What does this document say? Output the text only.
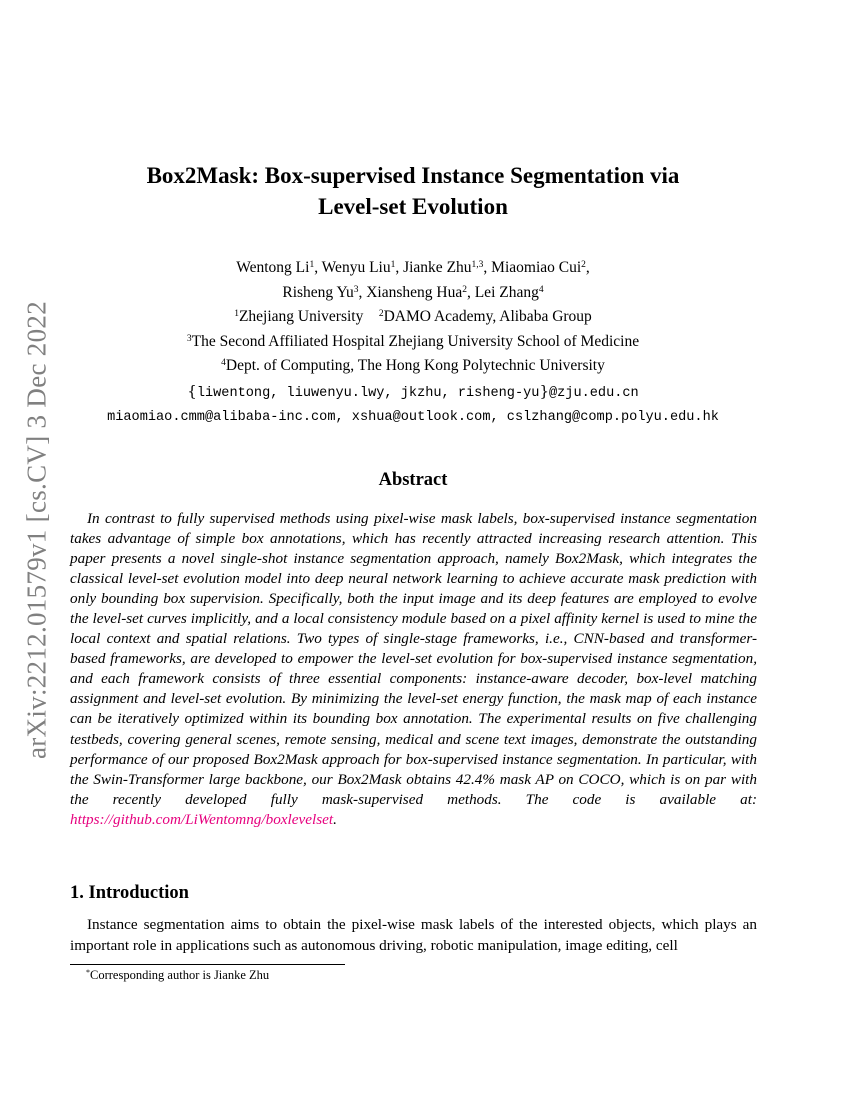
arXiv:2212.01579v1 [cs.CV] 3 Dec 2022
Box2Mask: Box-supervised Instance Segmentation via
Level-set Evolution
Wentong Li$^1$, Wenyu Liu$^1$, Jianke Zhu$^{1,3}$, Miaomiao Cui$^2$,
Risheng Yu$^3$, Xiansheng Hua$^2$, Lei Zhang$^4$
$^1$Zhejiang University $^2$DAMO Academy, Alibaba Group
$^3$The Second Affiliated Hospital Zhejiang University School of Medicine
$^4$Dept. of Computing, The Hong Kong Polytechnic University
{liwentong, liuwenyu.lwy, jkzhu, risheng-yu}@zju.edu.cn
miaomiao.cmm@alibaba-inc.com, xshua@outlook.com, cslzhang@comp.polyu.edu.hk
Abstract
In contrast to fully supervised methods using pixel-wise mask labels, box-supervised instance segmentation takes advantage of simple box annotations, which has recently attracted increasing research attention. This paper presents a novel single-shot instance segmentation approach, namely Box2Mask, which integrates the classical level-set evolution model into deep neural network learning to achieve accurate mask prediction with only bounding box supervision. Specifically, both the input image and its deep features are employed to evolve the level-set curves implicitly, and a local consistency module based on a pixel affinity kernel is used to mine the local context and spatial relations. Two types of single-stage frameworks, i.e., CNN-based and transformer-based frameworks, are developed to empower the level-set evolution for box-supervised instance segmentation, and each framework consists of three essential components: instance-aware decoder, box-level matching assignment and level-set evolution. By minimizing the level-set energy function, the mask map of each instance can be iteratively optimized within its bounding box annotation. The experimental results on five challenging testbeds, covering general scenes, remote sensing, medical and scene text images, demonstrate the outstanding performance of our proposed Box2Mask approach for box-supervised instance segmentation. In particular, with the Swin-Transformer large backbone, our Box2Mask obtains 42.4% mask AP on COCO, which is on par with the recently developed fully mask-supervised methods. The code is available at: https://github.com/LiWentomng/boxlevelset.
1. Introduction
Instance segmentation aims to obtain the pixel-wise mask labels of the interested objects, which plays an important role in applications such as autonomous driving, robotic manipulation, image editing, cell
*Corresponding author is Jianke Zhu
